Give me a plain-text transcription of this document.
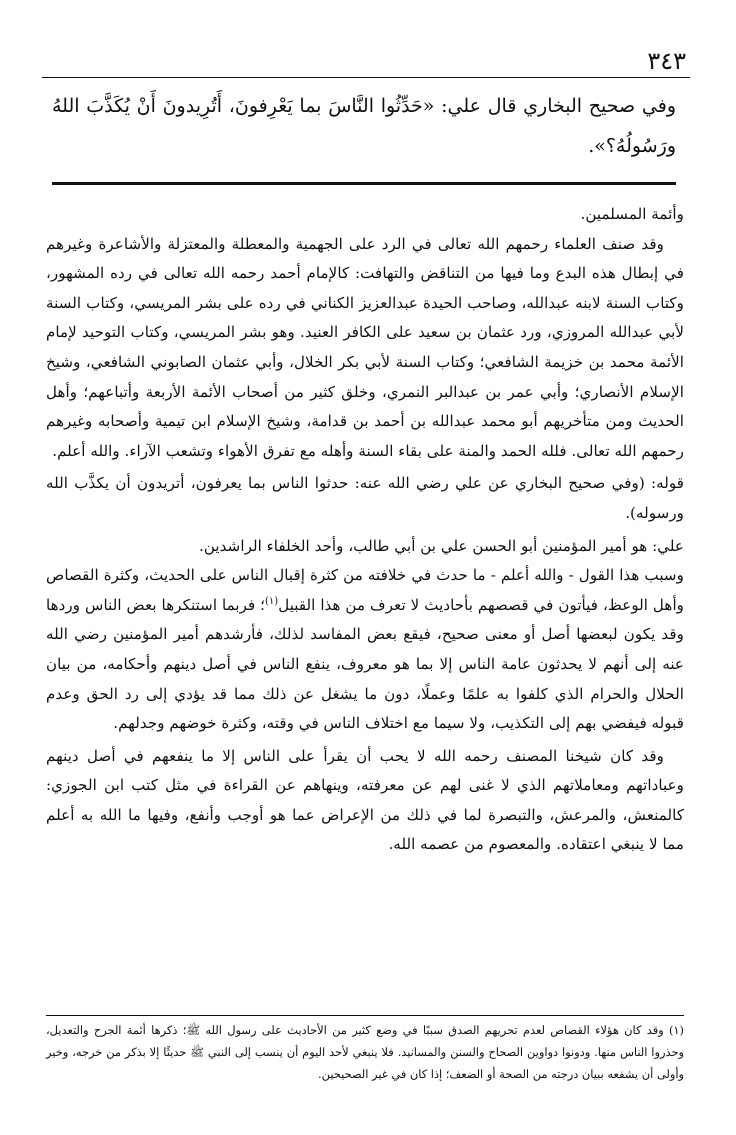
٣٤٣
وفي صحيح البخاري قال علي: «حَدِّثُوا النَّاسَ بما يَعْرِفونَ، أَتُرِيدونَ أَنْ يُكَذَّبَ اللهُ ورَسُولُهُ؟».

وأئمة المسلمين.

وقد صنف العلماء رحمهم الله تعالى في الرد على الجهمية والمعطلة والمعتزلة والأشاعرة وغيرهم في إبطال هذه البدع وما فيها من التناقض والتهافت: كالإمام أحمد رحمه الله تعالى في رده المشهور، وكتاب السنة لابنه عبدالله، وصاحب الحيدة عبدالعزيز الكناني في رده على بشر المريسي، وكتاب السنة لأبي عبدالله المروزي، ورد عثمان بن سعيد على الكافر العنيد. وهو بشر المريسي، وكتاب التوحيد لإمام الأئمة محمد بن خزيمة الشافعي؛ وكتاب السنة لأبي بكر الخلال، وأبي عثمان الصابوني الشافعي، وشيخ الإسلام الأنصاري؛ وأبي عمر بن عبدالبر النمري، وخلق كثير من أصحاب الأئمة الأربعة وأتباعهم؛ وأهل الحديث ومن متأخريهم أبو محمد عبدالله بن أحمد بن قدامة، وشيخ الإسلام ابن تيمية وأصحابه وغيرهم رحمهم الله تعالى. فلله الحمد والمنة على بقاء السنة وأهله مع تفرق الأهواء وتشعب الآراء. والله أعلم.

قوله: (وفي صحيح البخاري عن علي رضي الله عنه: حدثوا الناس بما يعرفون، أتريدون أن يكذَّب الله ورسوله).

علي: هو أمير المؤمنين أبو الحسن علي بن أبي طالب، وأحد الخلفاء الراشدين.

وسبب هذا القول - والله أعلم - ما حدث في خلافته من كثرة إقبال الناس على الحديث، وكثرة القصاص وأهل الوعظ، فيأتون في قصصهم بأحاديث لا تعرف من هذا القبيل$^{(١)}$؛ فربما استنكرها بعض الناس وردها وقد يكون لبعضها أصل أو معنى صحيح، فيقع بعض المفاسد لذلك، فأرشدهم أمير المؤمنين رضي الله عنه إلى أنهم لا يحدثون عامة الناس إلا بما هو معروف، ينفع الناس في أصل دينهم وأحكامه، من بيان الحلال والحرام الذي كلفوا به علمًا وعملًا، دون ما يشغل عن ذلك مما قد يؤدي إلى رد الحق وعدم قبوله فيفضي بهم إلى التكذيب، ولا سيما مع اختلاف الناس في وقته، وكثرة خوضهم وجدلهم.

وقد كان شيخنا المصنف رحمه الله لا يحب أن يقرأ على الناس إلا ما ينفعهم في أصل دينهم وعباداتهم ومعاملاتهم الذي لا غنى لهم عن معرفته، وينهاهم عن القراءة في مثل كتب ابن الجوزي: كالمنعش، والمرعش، والتبصرة لما في ذلك من الإعراض عما هو أوجب وأنفع، وفيها ما الله به أعلم مما لا ينبغي اعتقاده. والمعصوم من عصمه الله.

(١) وقد كان هؤلاء القصاص لعدم تحريهم الصدق سببًا في وضع كثير من الأحاديث على رسول الله ﷺ؛ ذكرها أئمة الجرح والتعديل، وحذروا الناس منها. ودونوا دواوين الصحاح والسنن والمسانيد. فلا ينبغي لأحد اليوم أن ينسب إلى النبي ﷺ حديثًا إلا بذكر من خرجه، وخير وأولى أن يشفعه ببيان درجته من الصحة أو الضعف؛ إذا كان في غير الصحيحين.
